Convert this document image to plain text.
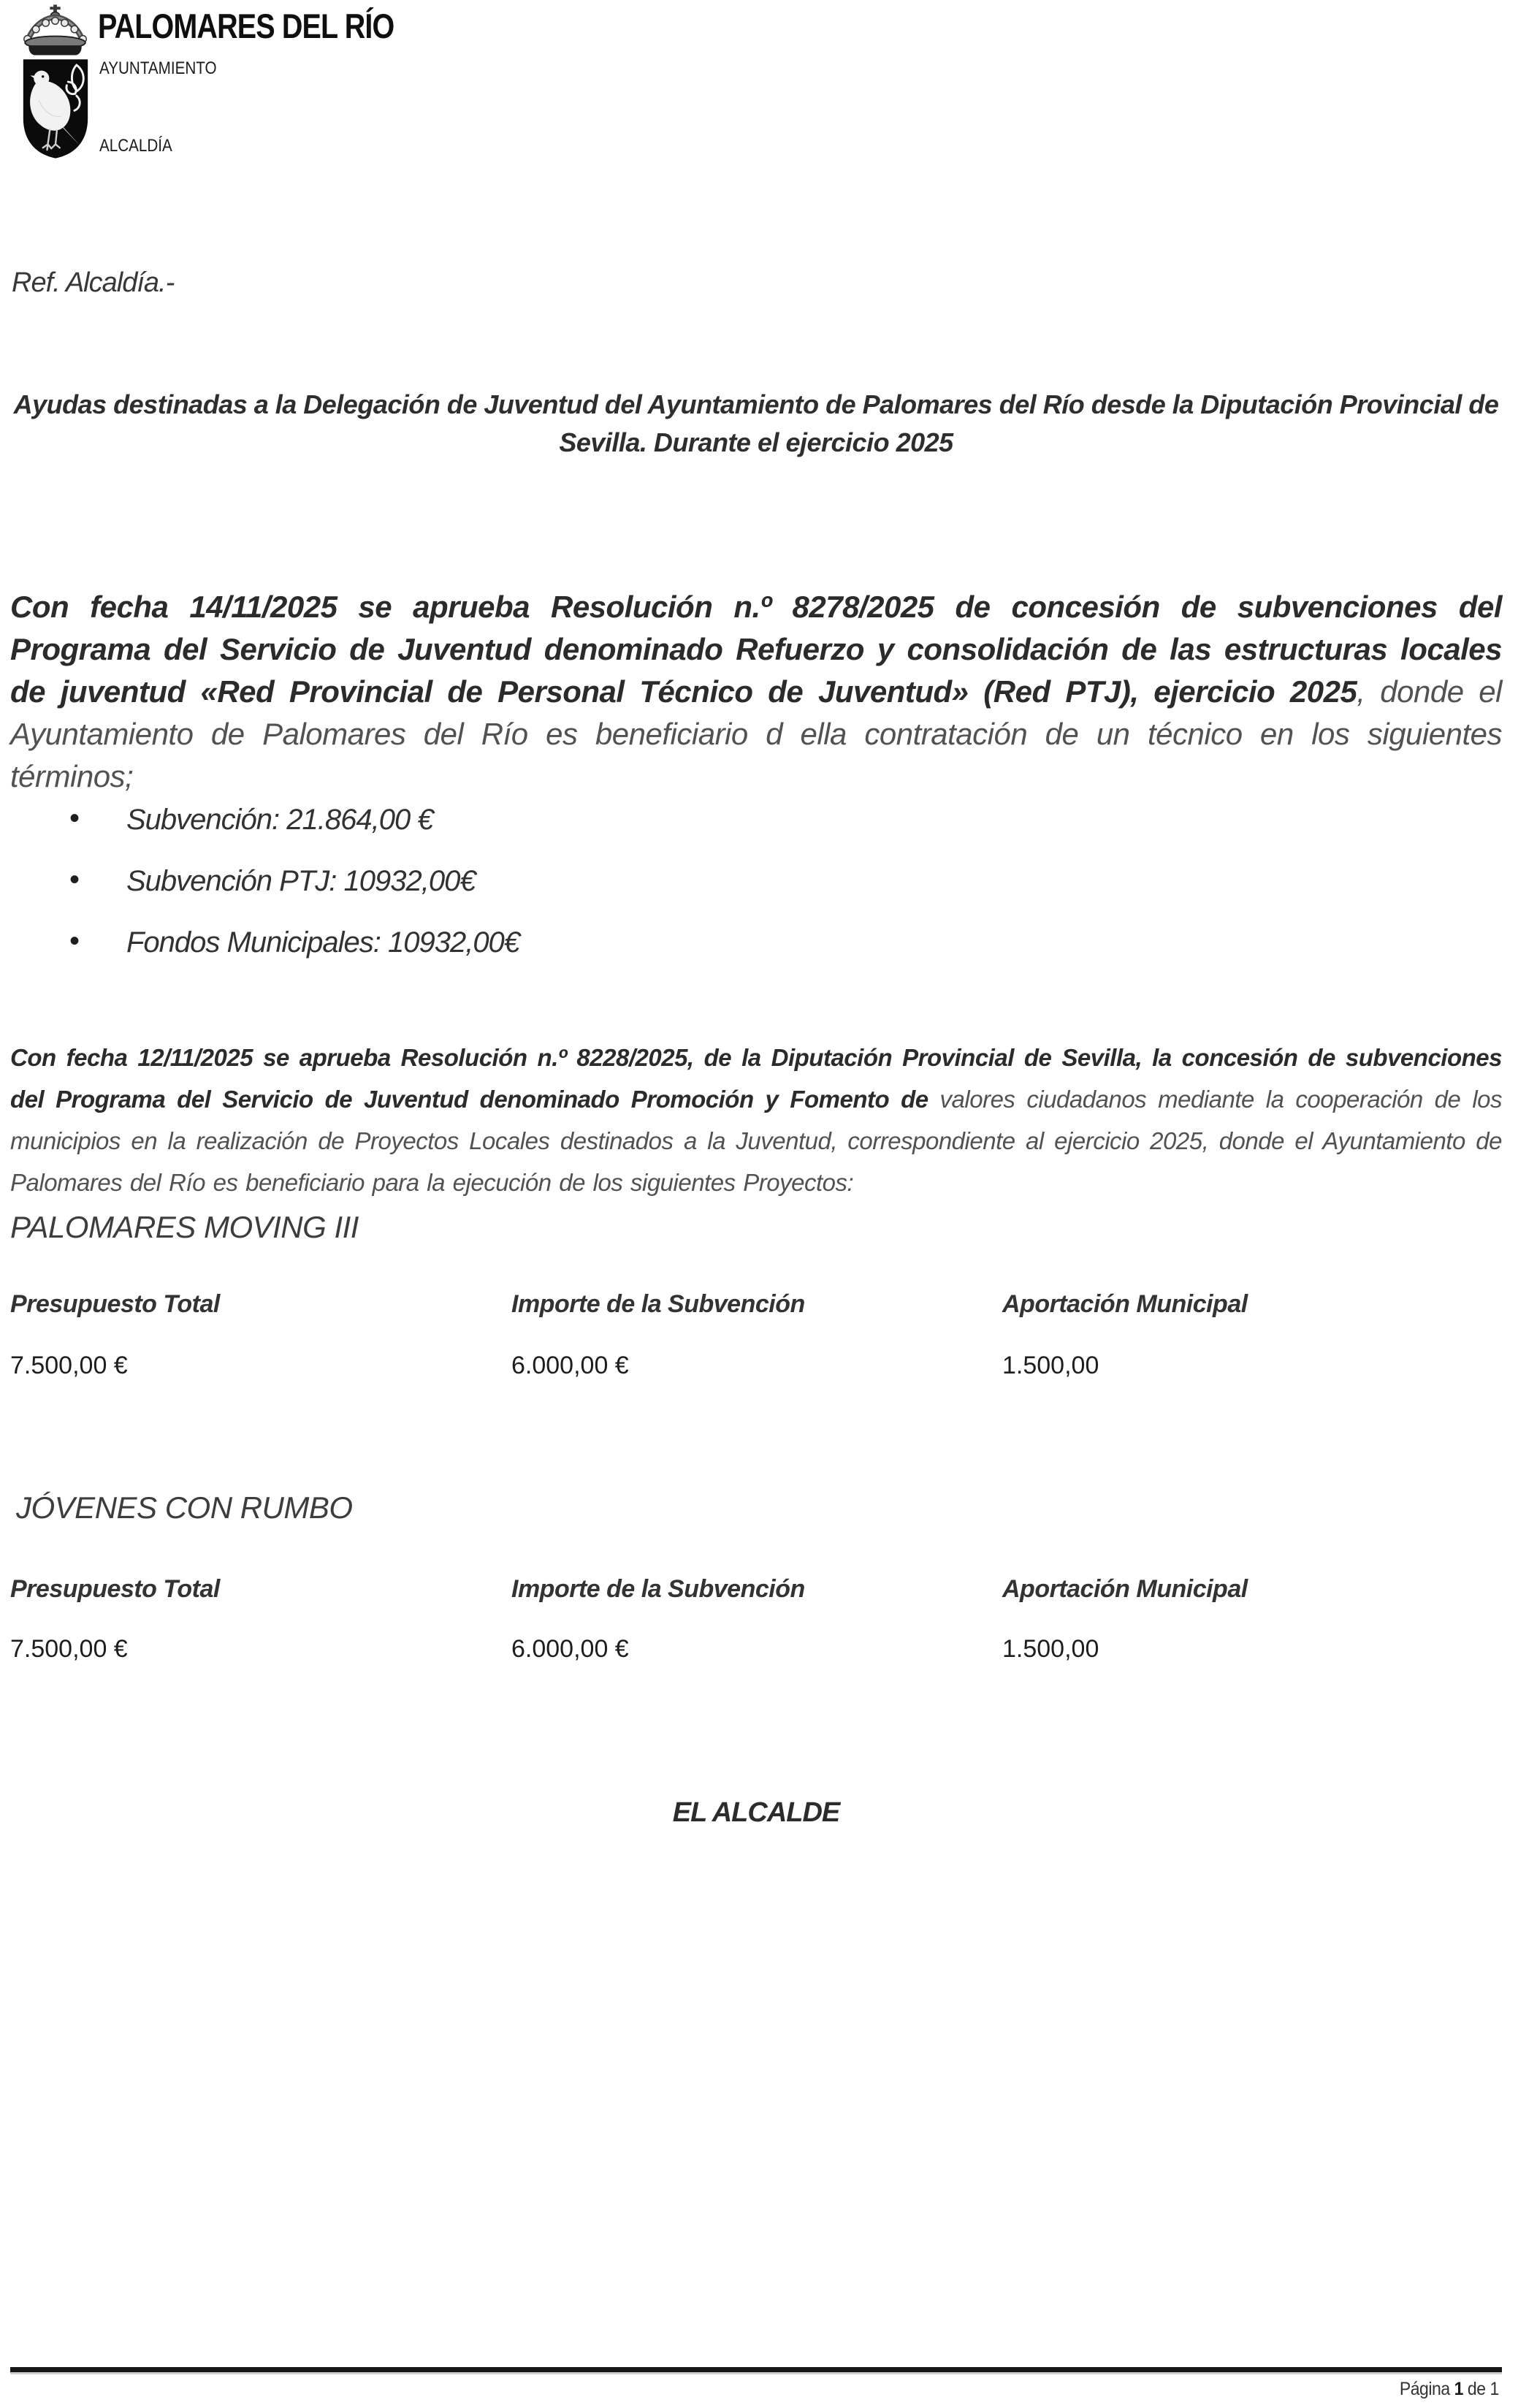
PALOMARES DEL RÍO
AYUNTAMIENTO
ALCALDÍA
Ref. Alcaldía.-
Ayudas destinadas a la Delegación de Juventud del Ayuntamiento de Palomares del Río desde la Diputación Provincial de Sevilla. Durante el ejercicio 2025

Con fecha 14/11/2025 se aprueba Resolución n.º 8278/2025 de concesión de subvenciones del Programa del Servicio de Juventud denominado Refuerzo y consolidación de las estructuras locales de juventud «Red Provincial de Personal Técnico de Juventud» (Red PTJ), ejercicio 2025, donde el Ayuntamiento de Palomares del Río es beneficiario d ella contratación de un técnico en los siguientes términos;

• Subvención: 21.864,00 €
• Subvención PTJ: 10932,00€
• Fondos Municipales: 10932,00€

Con fecha 12/11/2025 se aprueba Resolución n.º 8228/2025, de la Diputación Provincial de Sevilla, la concesión de subvenciones del Programa del Servicio de Juventud denominado Promoción y Fomento de valores ciudadanos mediante la cooperación de los municipios en la realización de Proyectos Locales destinados a la Juventud, correspondiente al ejercicio 2025, donde el Ayuntamiento de Palomares del Río es beneficiario para la ejecución de los siguientes Proyectos:

PALOMARES MOVING III
Presupuesto Total	Importe de la Subvención	Aportación Municipal
7.500,00 €	6.000,00 €	1.500,00
JÓVENES CON RUMBO
Presupuesto Total	Importe de la Subvención	Aportación Municipal
7.500,00 €	6.000,00 €	1.500,00
EL ALCALDE
Página 1 de 1
